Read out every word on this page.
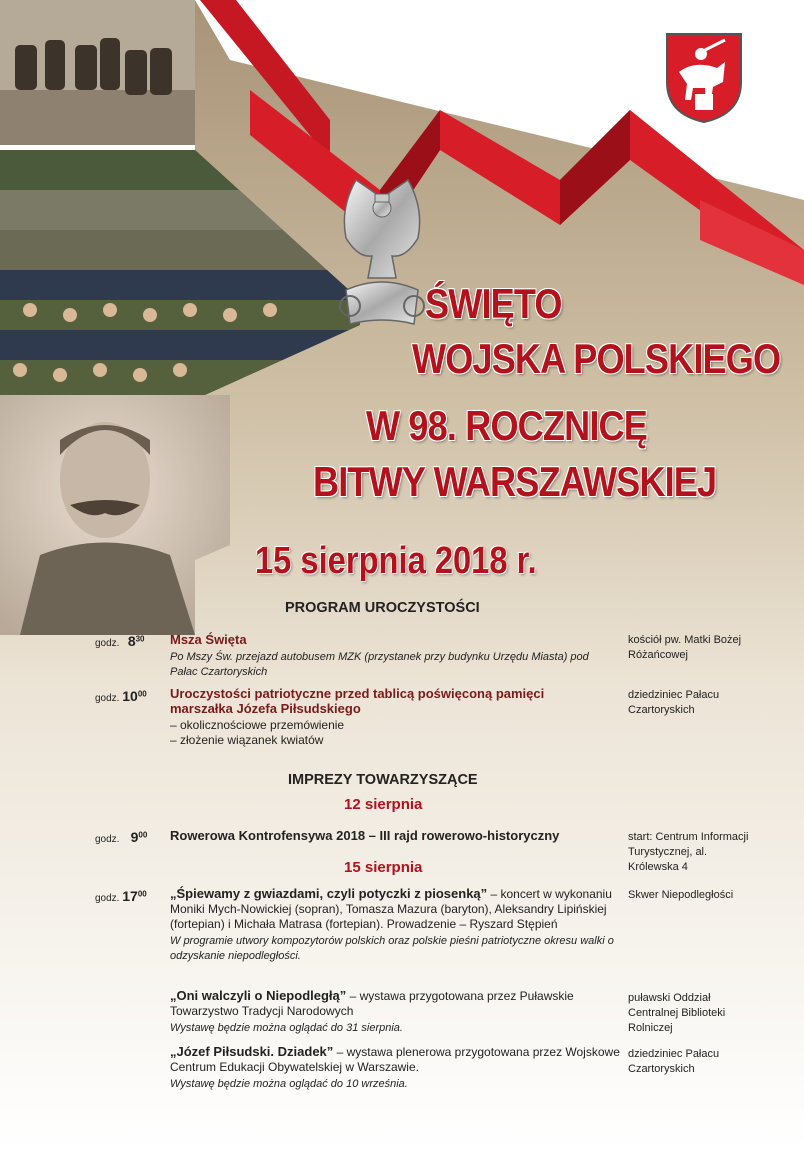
ŚWIĘTO
WOJSKA POLSKIEGO
W 98. ROCZNICĘ
BITWY WARSZAWSKIEJ
15 sierpnia 2018 r.
PROGRAM UROCZYSTOŚCI
godz. $8^{30}$ Msza Święta
Po Mszy Św. przejazd autobusem MZK (przystanek przy budynku Urzędu Miasta) pod Pałac Czartoryskich
kościół pw. Matki Bożej Różańcowej
godz. $10^{00}$ Uroczystości patriotyczne przed tablicą poświęconą pamięci marszałka Józefa Piłsudskiego
– okolicznościowe przemówienie
– złożenie wiązanek kwiatów
dziedziniec Pałacu Czartoryskich
IMPREZY TOWARZYSZĄCE
12 sierpnia
godz. $9^{00}$ Rowerowa Kontrofensywa 2018 – III rajd rowerowo-historyczny	start: Centrum Informacji Turystycznej, al. Królewska 4
15 sierpnia
godz. $17^{00}$ „Śpiewamy z gwiazdami, czyli potyczki z piosenką” – koncert w wykonaniu Moniki Mych-Nowickiej (sopran), Tomasza Mazura (baryton), Aleksandry Lipińskiej (fortepian) i Michała Matrasa (fortepian). Prowadzenie – Ryszard Stępień
W programie utwory kompozytorów polskich oraz polskie pieśni patriotyczne okresu walki o odzyskanie niepodległości.
Skwer Niepodległości
„Oni walczyli o Niepodległą” – wystawa przygotowana przez Puławskie Towarzystwo Tradycji Narodowych
Wystawę będzie można oglądać do 31 sierpnia.
puławski Oddział Centralnej Biblioteki Rolniczej
„Józef Piłsudski. Dziadek” – wystawa plenerowa przygotowana przez Wojskowe Centrum Edukacji Obywatelskiej w Warszawie.
Wystawę będzie można oglądać do 10 września.
dziedziniec Pałacu Czartoryskich
